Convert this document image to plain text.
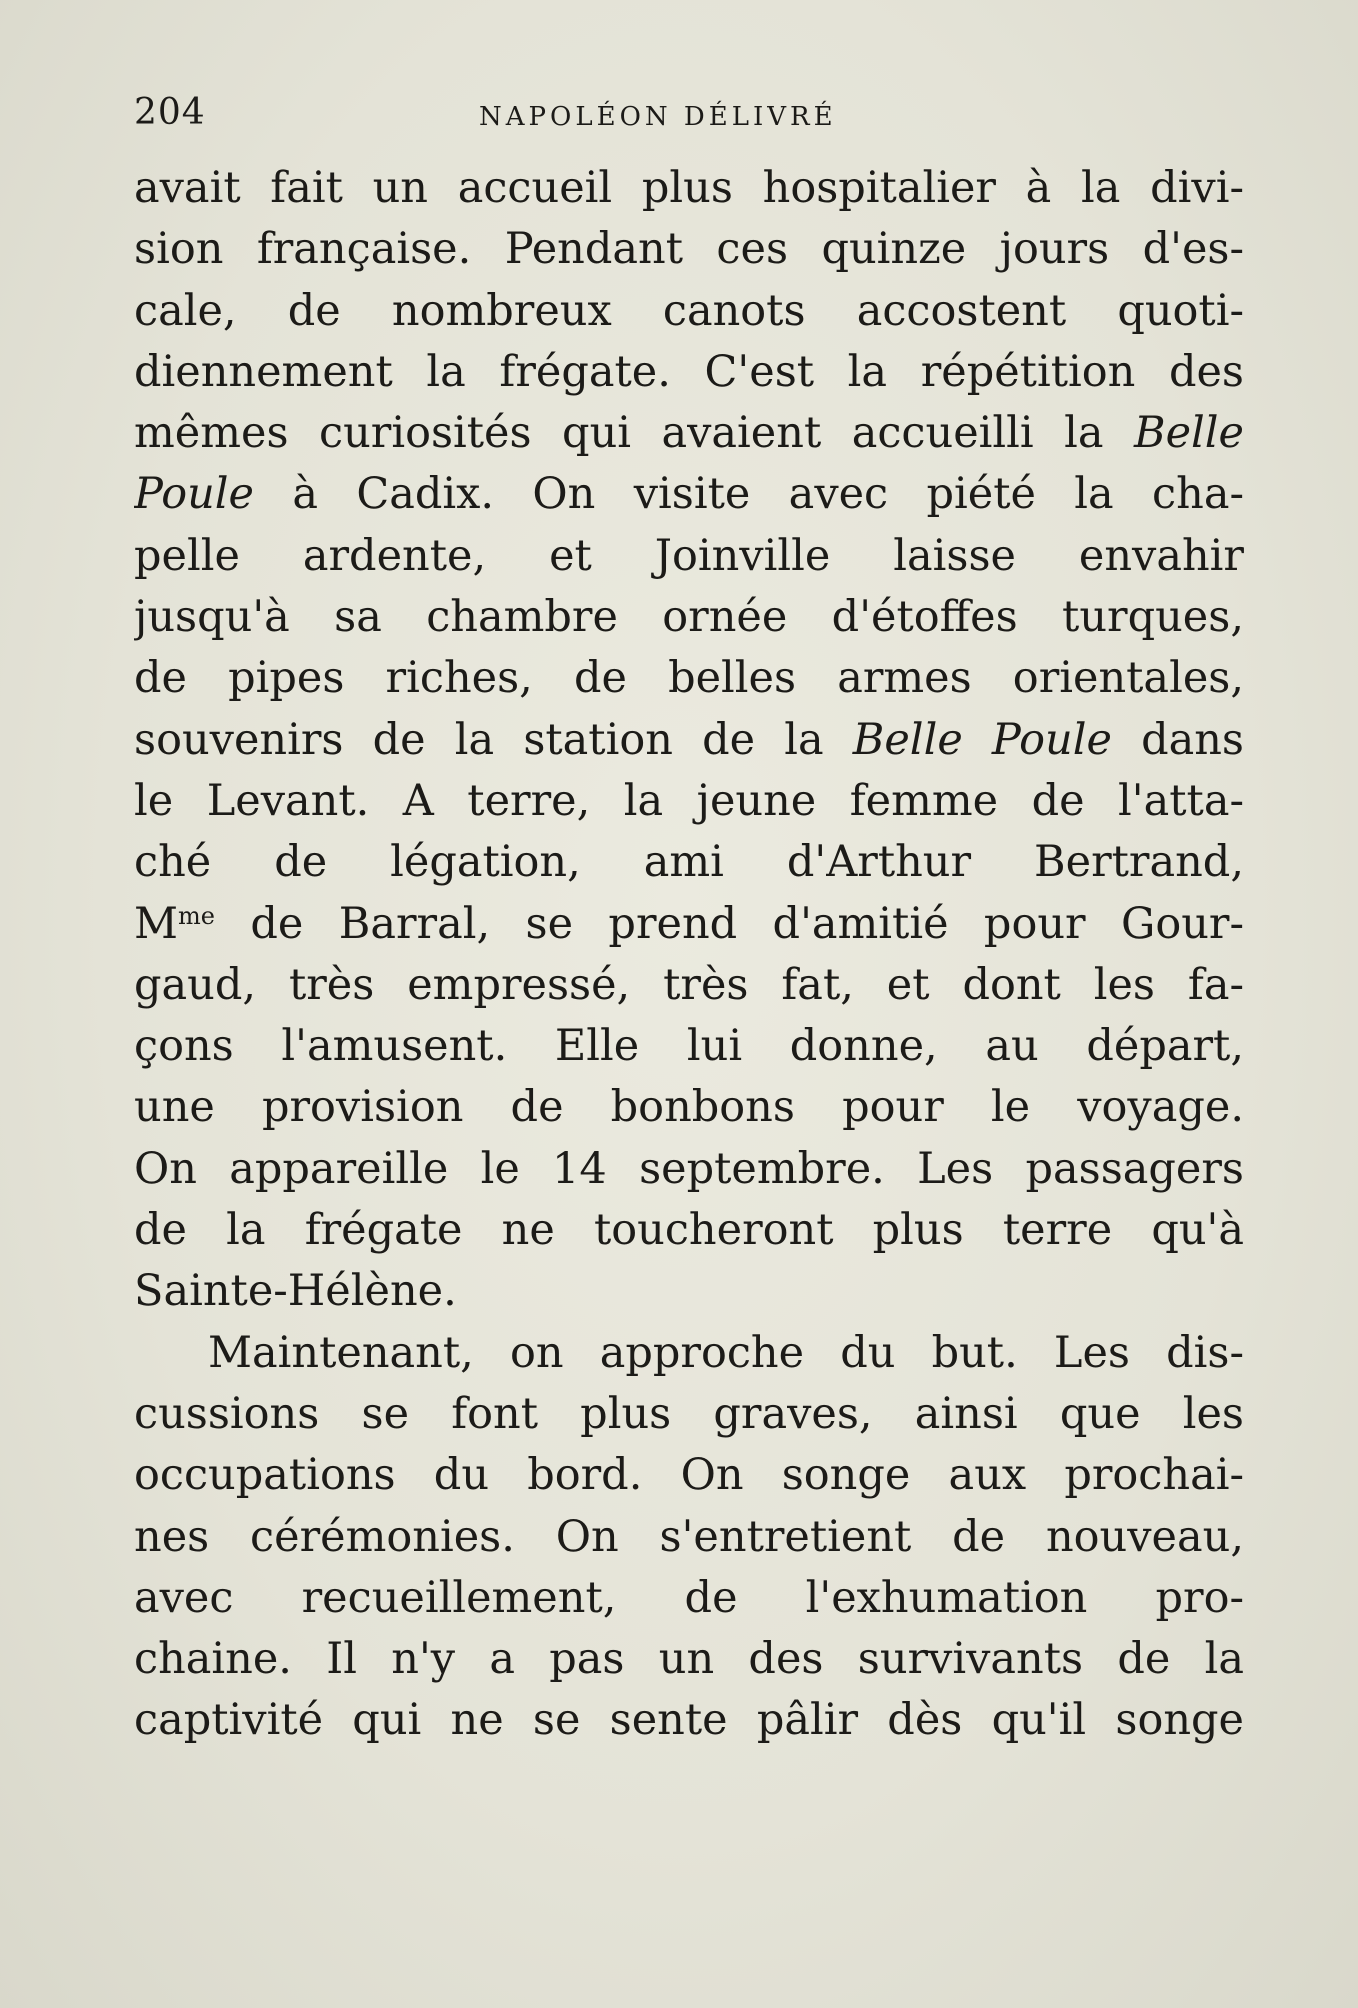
204	NAPOLÉON DÉLIVRÉ
avait fait un accueil plus hospitalier à la divi-
sion française. Pendant ces quinze jours d'es-
cale, de nombreux canots accostent quoti-
diennement la frégate. C'est la répétition des
mêmes curiosités qui avaient accueilli la Belle
Poule à Cadix. On visite avec piété la cha-
pelle ardente, et Joinville laisse envahir
jusqu'à sa chambre ornée d'étoffes turques,
de pipes riches, de belles armes orientales,
souvenirs de la station de la Belle Poule dans
le Levant. A terre, la jeune femme de l'atta-
ché de légation, ami d'Arthur Bertrand,
$M^{me}$ de Barral, se prend d'amitié pour Gour-
gaud, très empressé, très fat, et dont les fa-
çons l'amusent. Elle lui donne, au départ,
une provision de bonbons pour le voyage.
On appareille le 14 septembre. Les passagers
de la frégate ne toucheront plus terre qu'à
Sainte-Hélène.
Maintenant, on approche du but. Les dis-
cussions se font plus graves, ainsi que les
occupations du bord. On songe aux prochai-
nes cérémonies. On s'entretient de nouveau,
avec recueillement, de l'exhumation pro-
chaine. Il n'y a pas un des survivants de la
captivité qui ne se sente pâlir dès qu'il songe
